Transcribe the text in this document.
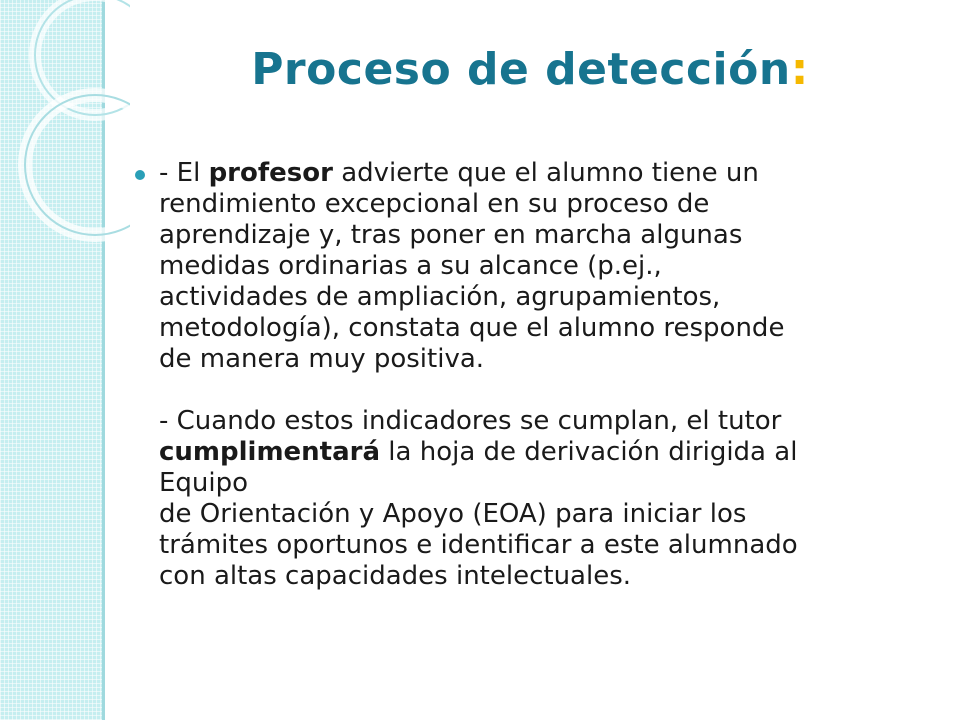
Proceso de detección:
- El profesor advierte que el alumno tiene un
rendimiento excepcional en su proceso de
aprendizaje y, tras poner en marcha algunas
medidas ordinarias a su alcance (p.ej.,
actividades de ampliación, agrupamientos,
metodología), constata que el alumno responde
de manera muy positiva.
- Cuando estos indicadores se cumplan, el tutor
cumplimentará la hoja de derivación dirigida al
Equipo
de Orientación y Apoyo (EOA) para iniciar los
trámites oportunos e identificar a este alumnado
con altas capacidades intelectuales.
